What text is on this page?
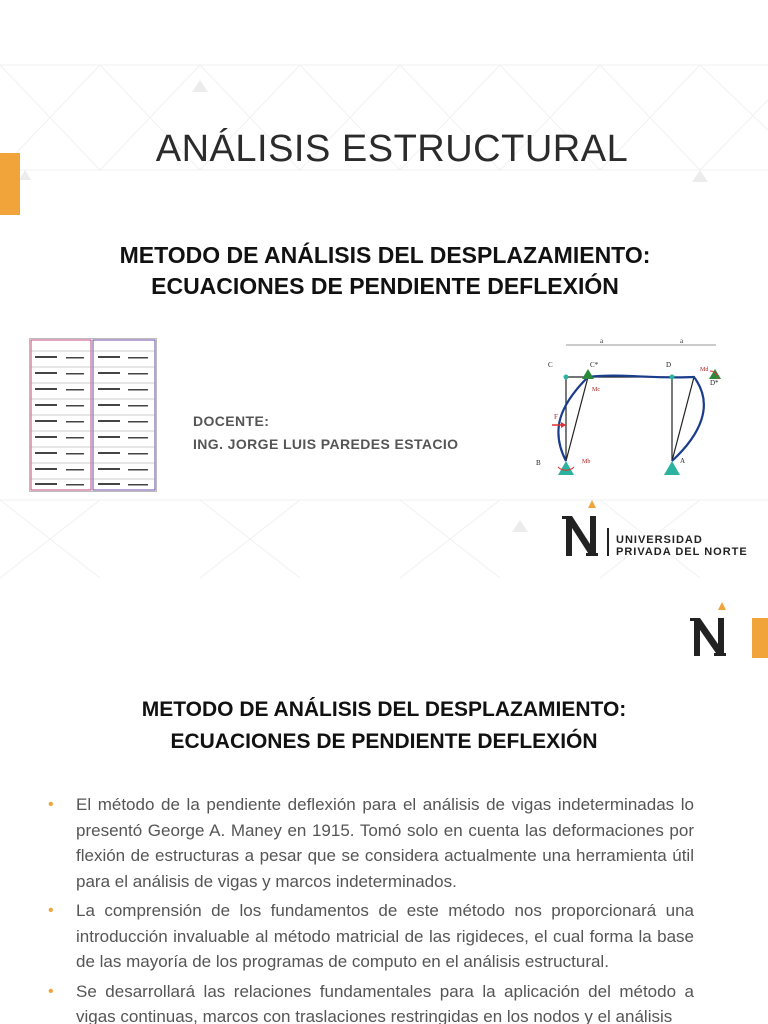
ANÁLISIS ESTRUCTURAL
METODO DE ANÁLISIS DEL DESPLAZAMIENTO:
ECUACIONES DE PENDIENTE DEFLEXIÓN
DOCENTE:
ING. JORGE LUIS PAREDES ESTACIO
a	a
C	C*	D
D*
Md
Mc
F
B	Mb	A
UNIVERSIDAD
PRIVADA DEL NORTE
METODO DE ANÁLISIS DEL DESPLAZAMIENTO:
ECUACIONES DE PENDIENTE DEFLEXIÓN
• El método de la pendiente deflexión para el análisis de vigas indeterminadas lo presentó George A. Maney en 1915. Tomó solo en cuenta las deformaciones por flexión de estructuras a pesar que se considera actualmente una herramienta útil para el análisis de vigas y marcos indeterminados.
• La comprensión de los fundamentos de este método nos proporcionará una introducción invaluable al método matricial de las rigideces, el cual forma la base de las mayoría de los programas de computo en el análisis estructural.
• Se desarrollará las relaciones fundamentales para la aplicación del método a vigas continuas, marcos con traslaciones restringidas en los nodos y el análisis
